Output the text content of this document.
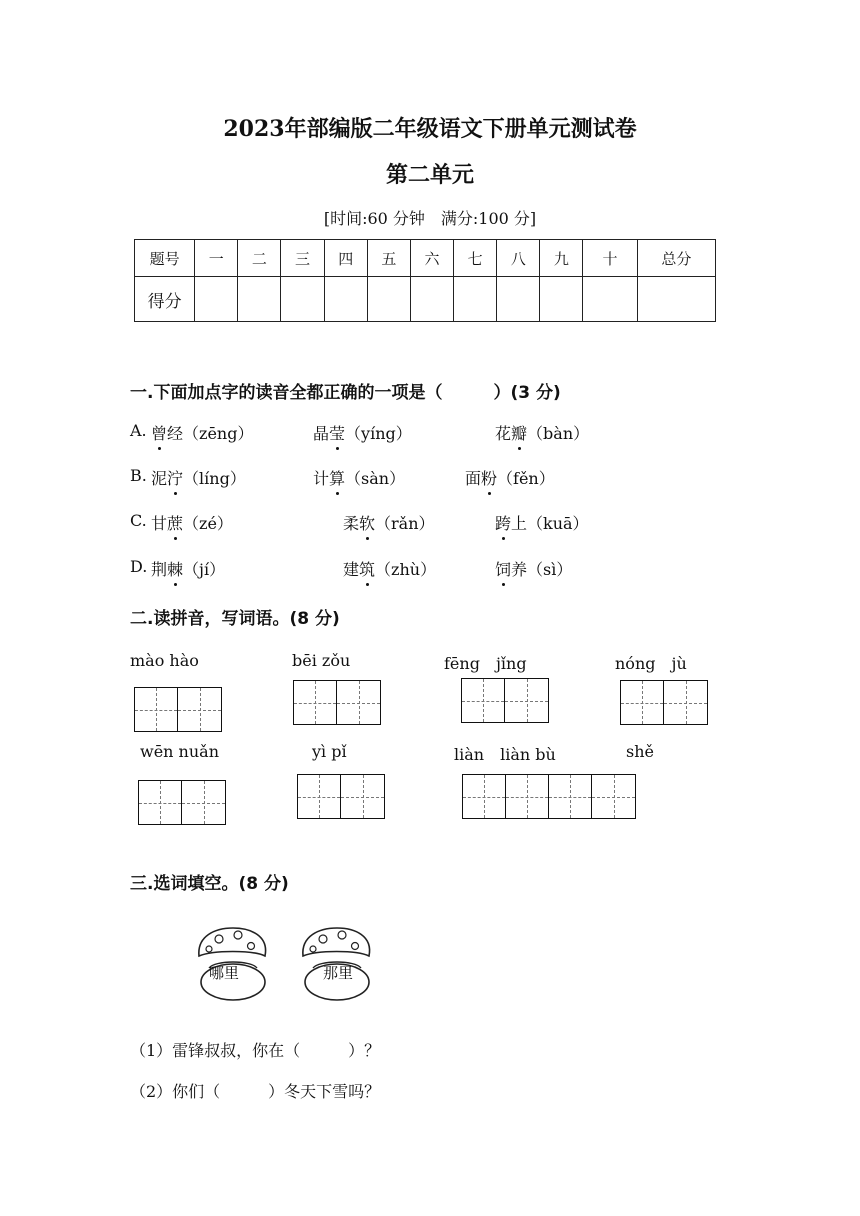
2023年部编版二年级语文下册单元测试卷
第二单元
[时间:60 分钟　满分:100 分]
题号	一	二	三	四	五	六	七	八	九	十	总分
得分											
一.下面加点字的读音全都正确的一项是（　　　）(3 分)
A. 曾经（zēng）	晶莹（yíng）	花瓣（bàn）
B. 泥泞（líng）	计算（sàn）	面粉（fěn）
C. 甘蔗（zé）	柔软（rǎn）	跨上（kuā）
D. 荆棘（jí）	建筑（zhù）	饲养（sì）
二.读拼音，写词语。(8 分)
mào hào	bēi zǒu	fēng　jǐng	nóng　jù
wēn nuǎn	yì pǐ	liàn　liàn bù	shě
三.选词填空。(8 分)
哪里	那里
（1）雷锋叔叔，你在（　　　）？
（2）你们（　　　）冬天下雪吗？
